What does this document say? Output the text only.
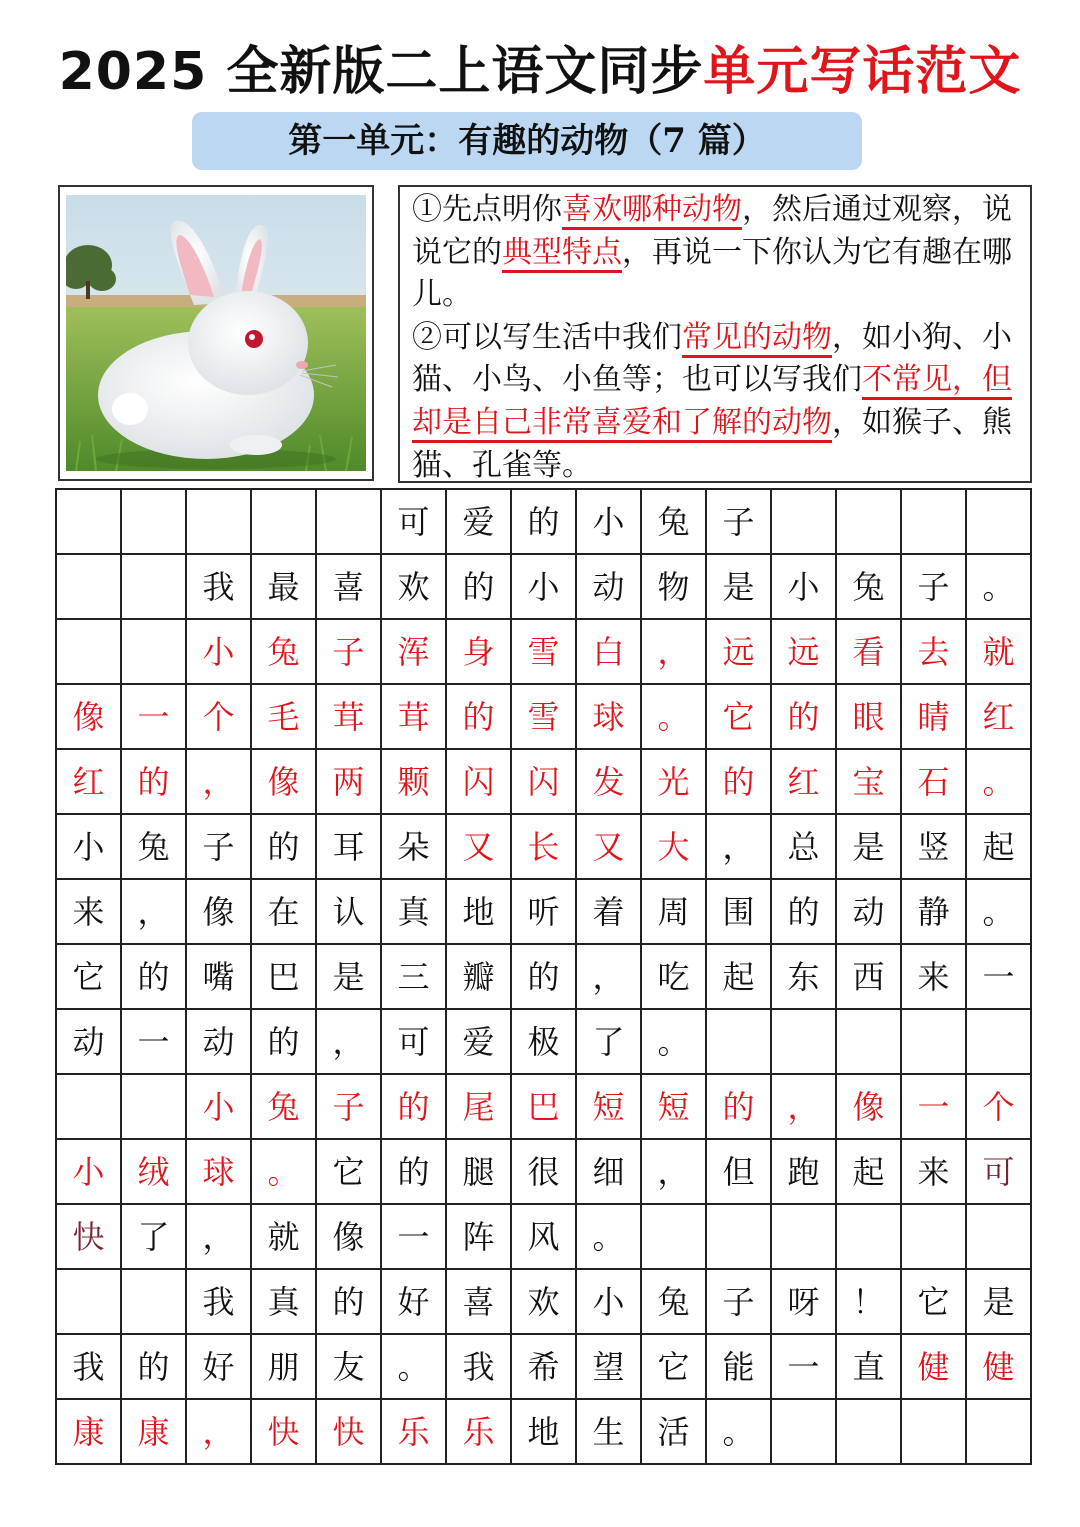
2025 全新版二上语文同步单元写话范文
第一单元：有趣的动物（7 篇）

①先点明你喜欢哪种动物，然后通过观察，说说它的典型特点，再说一下你认为它有趣在哪儿。

②可以写生活中我们常见的动物，如小狗、小猫、小鸟、小鱼等；也可以写我们不常见，但却是自己非常喜爱和了解的动物，如猴子、熊猫、孔雀等。

可	爱	的	小	兔	子
我	最	喜	欢	的	小	动	物	是	小	兔	子	。
小	兔	子	浑	身	雪	白	，	远	远	看	去	就
像	一	个	毛	茸	茸	的	雪	球	。	它	的	眼	睛	红
红	的	，	像	两	颗	闪	闪	发	光	的	红	宝	石	。
小	兔	子	的	耳	朵	又	长	又	大	，	总	是	竖	起
来	，	像	在	认	真	地	听	着	周	围	的	动	静	。
它	的	嘴	巴	是	三	瓣	的	，	吃	起	东	西	来	一
动	一	动	的	，	可	爱	极	了	。
小	兔	子	的	尾	巴	短	短	的	，	像	一	个
小	绒	球	。	它	的	腿	很	细	，	但	跑	起	来	可
快	了	，	就	像	一	阵	风	。
我	真	的	好	喜	欢	小	兔	子	呀	！	它	是
我	的	好	朋	友	。	我	希	望	它	能	一	直	健	健
康	康	，	快	快	乐	乐	地	生	活	。
